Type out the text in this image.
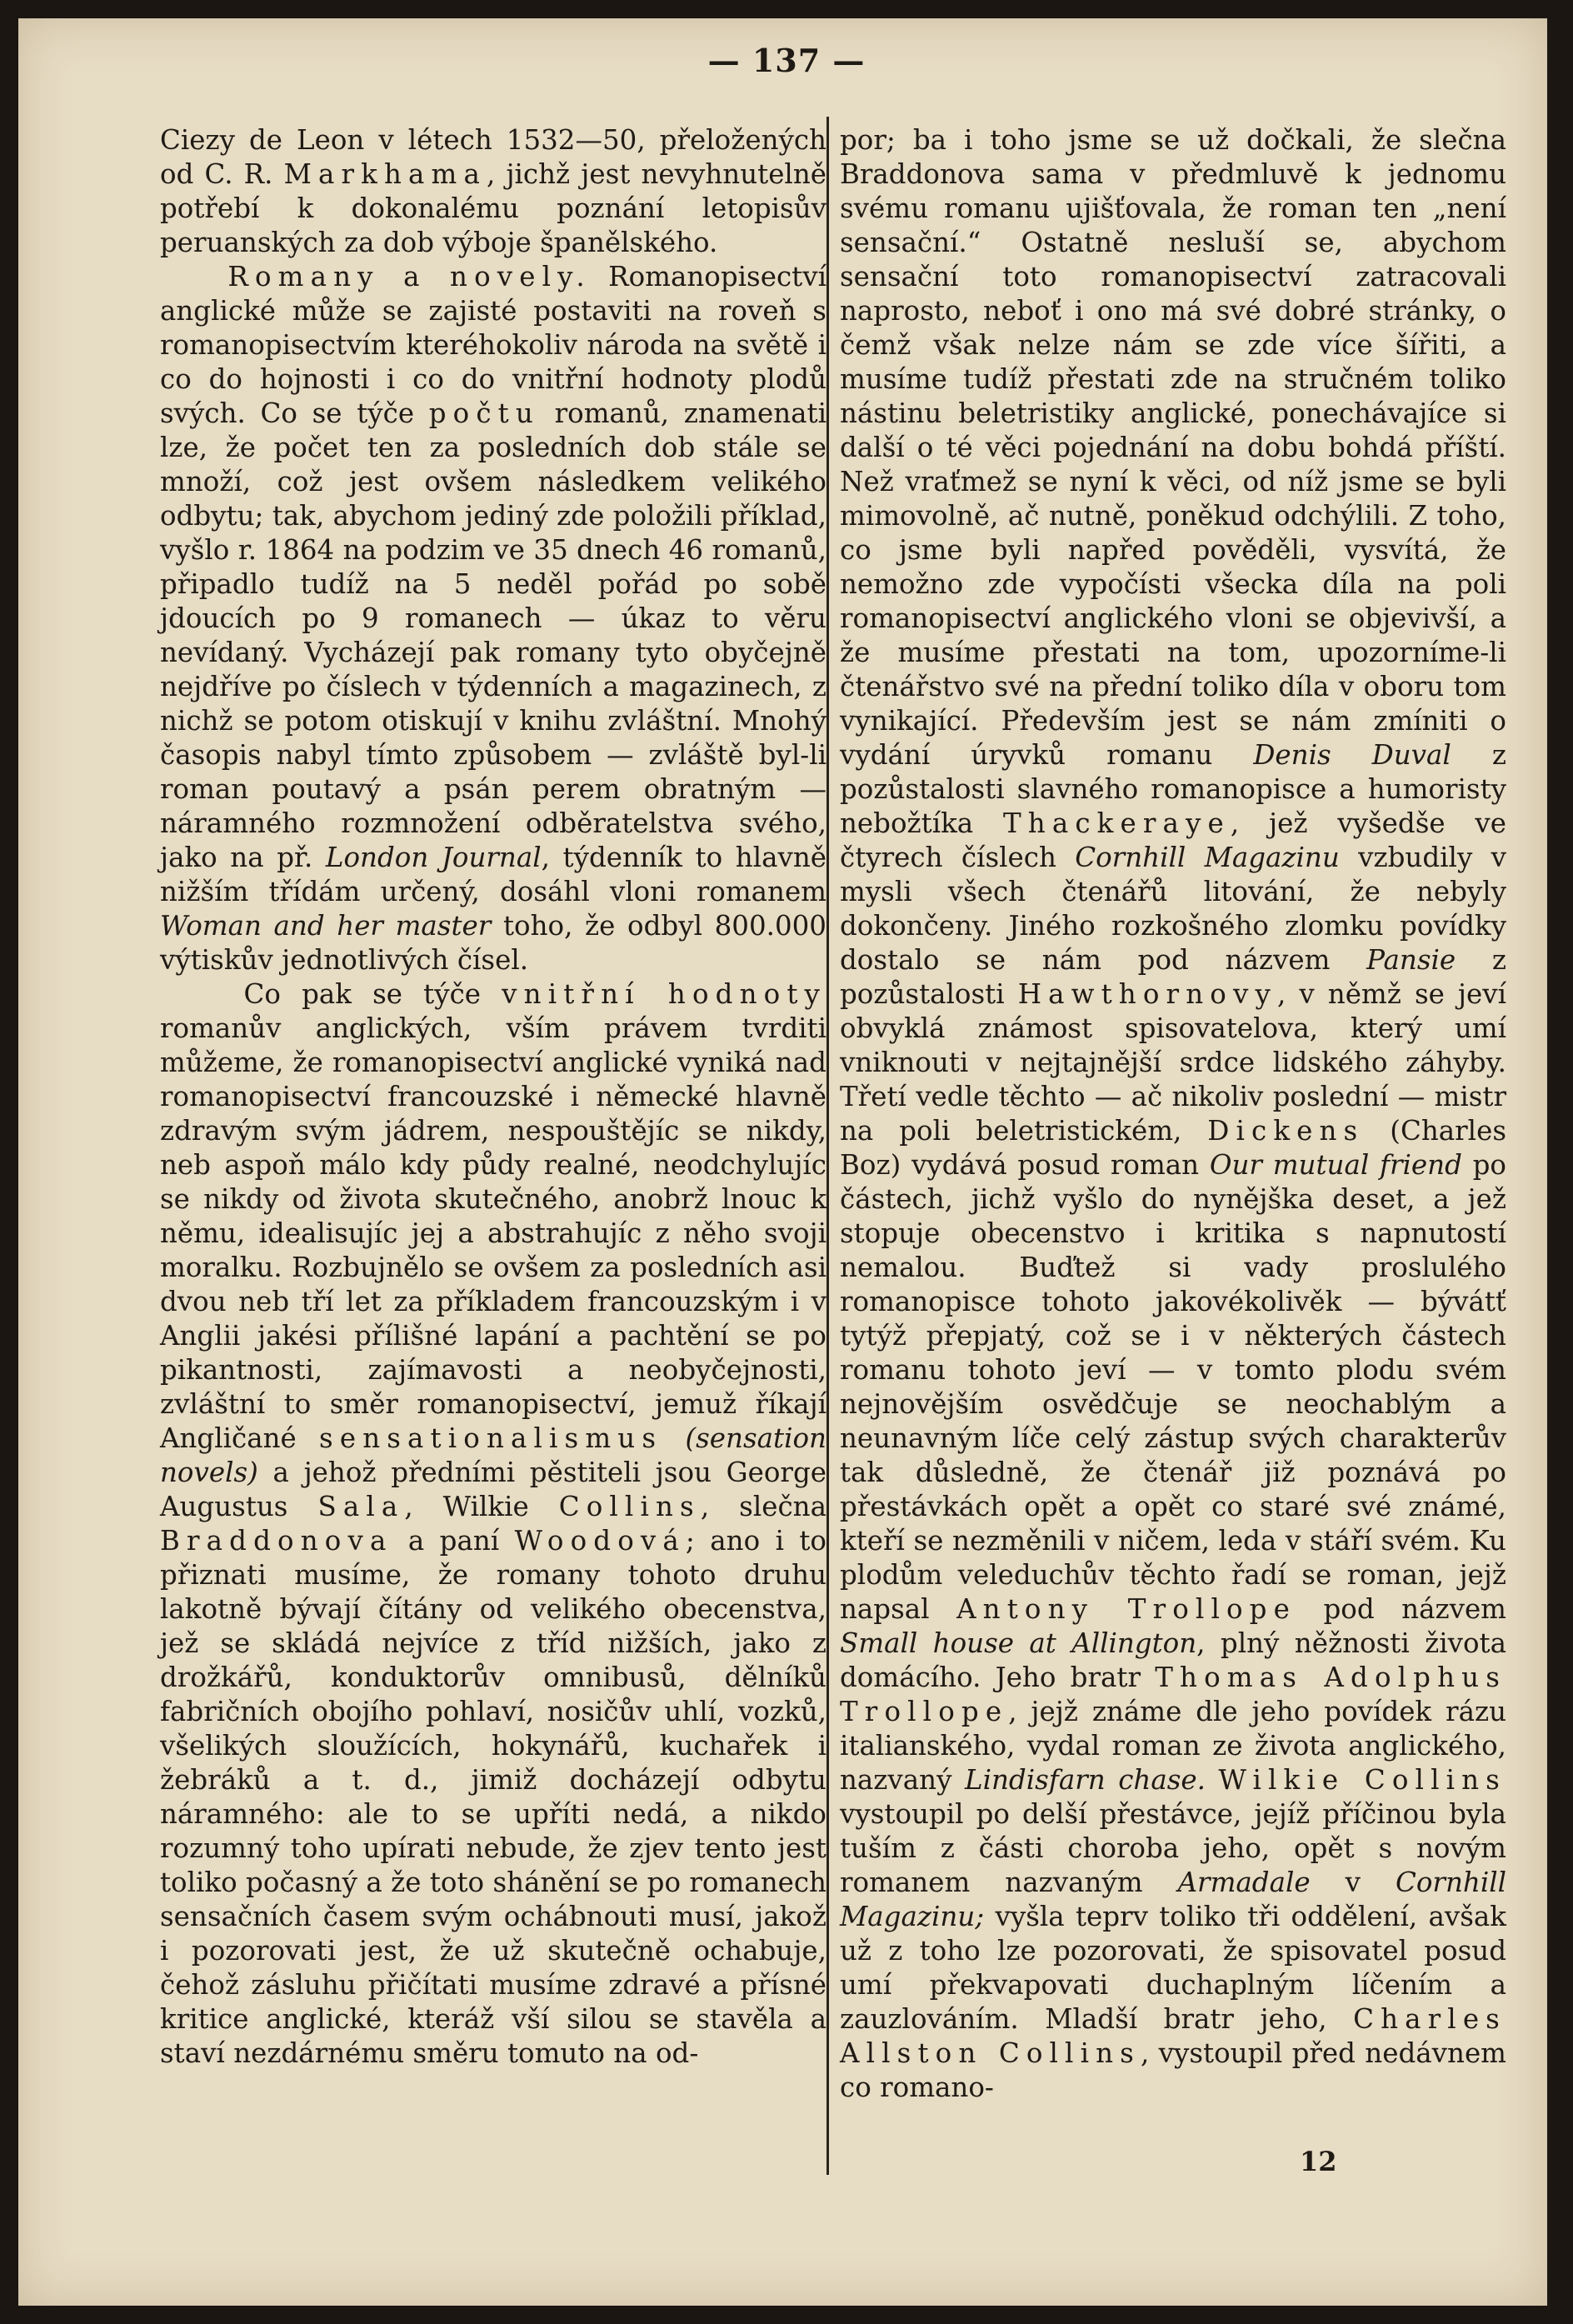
— 137 —

Ciezy de Leon v létech 1532—50, přeložených od C. R. Markhama, jichž jest nevyhnutelně potřebí k dokonalému poznání letopisův peruanských za dob výboje španělského.

Romany a novely. Romanopisectví anglické může se zajisté postaviti na roveň s romanopisectvím kteréhokoliv národa na světě i co do hojnosti i co do vnitřní hodnoty plodů svých. Co se týče počtu romanů, znamenati lze, že počet ten za posledních dob stále se množí, což jest ovšem následkem velikého odbytu; tak, abychom jediný zde položili příklad, vyšlo r. 1864 na podzim ve 35 dnech 46 romanů, připadlo tudíž na 5 neděl pořád po sobě jdoucích po 9 romanech — úkaz to věru nevídaný. Vycházejí pak romany tyto obyčejně nejdříve po číslech v týdenních a magazinech, z nichž se potom otiskují v knihu zvláštní. Mnohý časopis nabyl tímto způsobem — zvláště byl-li roman poutavý a psán perem obratným — náramného rozmnožení odběratelstva svého, jako na př. London Journal, týdenník to hlavně nižším třídám určený, dosáhl vloni romanem Woman and her master toho, že odbyl 800.000 výtiskův jednotlivých čísel.

Co pak se týče vnitřní hodnoty romanův anglických, vším právem tvrditi můžeme, že romanopisectví anglické vyniká nad romanopisectví francouzské i německé hlavně zdravým svým jádrem, nespouštějíc se nikdy, neb aspoň málo kdy půdy realné, neodchylujíc se nikdy od života skutečného, anobrž lnouc k němu, idealisujíc jej a abstrahujíc z něho svoji moralku. Rozbujnělo se ovšem za posledních asi dvou neb tří let za příkladem francouzským i v Anglii jakési přílišné lapání a pachtění se po pikantnosti, zajímavosti a neobyčejnosti, zvláštní to směr romanopisectví, jemuž říkají Angličané sensationalismus (sensation novels) a jehož předními pěstiteli jsou George Augustus Sala, Wilkie Collins, slečna Braddonova a paní Woodová; ano i to přiznati musíme, že romany tohoto druhu lakotně bývají čítány od velikého obecenstva, jež se skládá nejvíce z tříd nižších, jako z drožkářů, konduktorův omnibusů, dělníků fabričních obojího pohlaví, nosičův uhlí, vozků, všelikých sloužících, hokynářů, kuchařek i žebráků a t. d., jimiž docházejí odbytu náramného: ale to se upříti nedá, a nikdo rozumný toho upírati nebude, že zjev tento jest toliko počasný a že toto shánění se po romanech sensačních časem svým ochábnouti musí, jakož i pozorovati jest, že už skutečně ochabuje, čehož zásluhu přičítati musíme zdravé a přísné kritice anglické, kteráž vší silou se stavěla a staví nezdárnému směru tomuto na od-

por; ba i toho jsme se už dočkali, že slečna Braddonova sama v předmluvě k jednomu svému romanu ujišťovala, že roman ten „není sensační.“ Ostatně nesluší se, abychom sensační toto romanopisectví zatracovali naprosto, neboť i ono má své dobré stránky, o čemž však nelze nám se zde více šířiti, a musíme tudíž přestati zde na stručném toliko nástinu beletristiky anglické, ponechávajíce si další o té věci pojednání na dobu bohdá příští. Než vraťmež se nyní k věci, od níž jsme se byli mimovolně, ač nutně, poněkud odchýlili. Z toho, co jsme byli napřed pověděli, vysvítá, že nemožno zde vypočísti všecka díla na poli romanopisectví anglického vloni se objevivší, a že musíme přestati na tom, upozorníme-li čtenářstvo své na přední toliko díla v oboru tom vynikající. Především jest se nám zmíniti o vydání úryvků romanu Denis Duval z pozůstalosti slavného romanopisce a humoristy nebožtíka Thackeraye, jež vyšedše ve čtyrech číslech Cornhill Magazinu vzbudily v mysli všech čtenářů litování, že nebyly dokončeny. Jiného rozkošného zlomku povídky dostalo se nám pod názvem Pansie z pozůstalosti Hawthornovy, v němž se jeví obvyklá známost spisovatelova, který umí vniknouti v nejtajnější srdce lidského záhyby. Třetí vedle těchto — ač nikoliv poslední — mistr na poli beletristickém, Dickens (Charles Boz) vydává posud roman Our mutual friend po částech, jichž vyšlo do nynějška deset, a jež stopuje obecenstvo i kritika s napnutostí nemalou. Buďtež si vady proslulého romanopisce tohoto jakovékolivěk — bývátť tytýž přepjatý, což se i v některých částech romanu tohoto jeví — v tomto plodu svém nejnovějším osvědčuje se neochablým a neunavným líče celý zástup svých charakterův tak důsledně, že čtenář již poznává po přestávkách opět a opět co staré své známé, kteří se nezměnili v ničem, leda v stáří svém. Ku plodům veleduchův těchto řadí se roman, jejž napsal Antony Trollope pod názvem Small house at Allington, plný něžnosti života domácího. Jeho bratr Thomas Adolphus Trollope, jejž známe dle jeho povídek rázu italianského, vydal roman ze života anglického, nazvaný Lindisfarn chase. Wilkie Collins vystoupil po delší přestávce, jejíž příčinou byla tuším z části choroba jeho, opět s novým romanem nazvaným Armadale v Cornhill Magazinu; vyšla teprv toliko tři oddělení, avšak už z toho lze pozorovati, že spisovatel posud umí překvapovati duchaplným líčením a zauzlováním. Mladší bratr jeho, Charles Allston Collins, vystoupil před nedávnem co romano-

12
